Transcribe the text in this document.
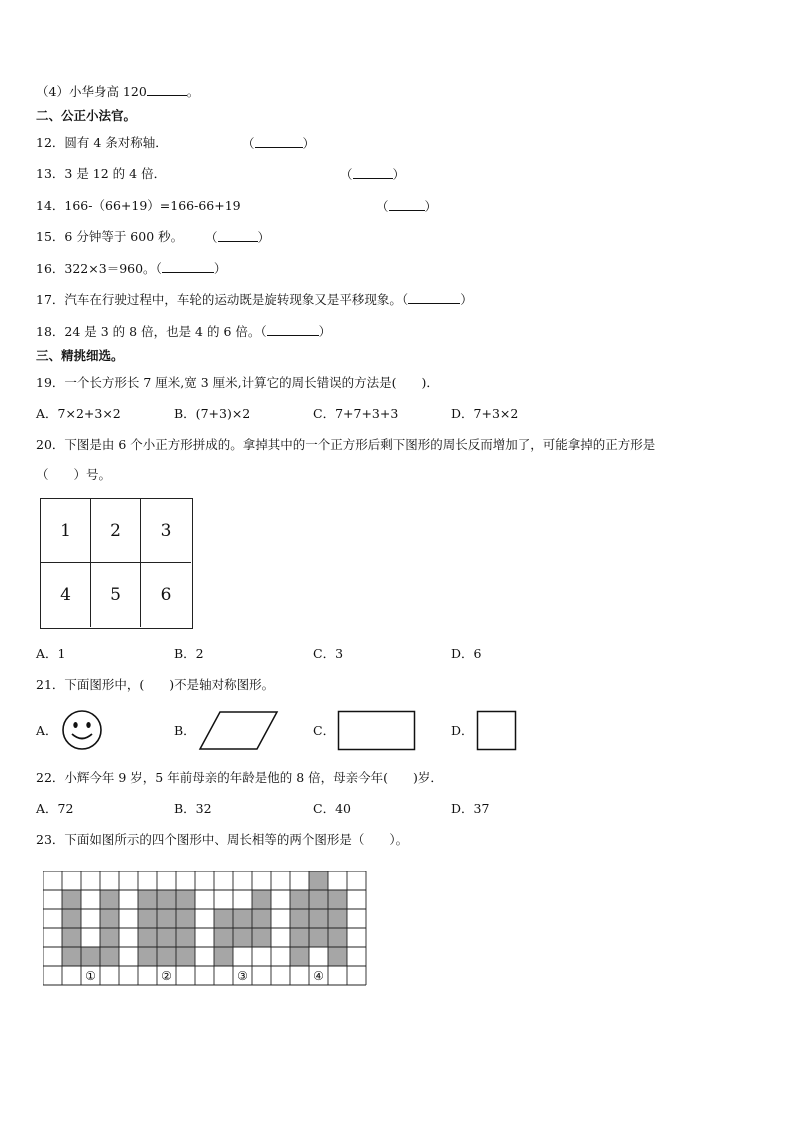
（4）小华身高 120	。
二、公正小法官。
12．圆有 4 条对称轴．	（	）
13．3 是 12 的 4 倍．	（	）
14．166-（66+19）=166-66+19	（	）
15．6 分钟等于 600 秒。 （	）
16．322×3＝960。（	）
17．汽车在行驶过程中，车轮的运动既是旋转现象又是平移现象。（	）
18．24 是 3 的 8 倍，也是 4 的 6 倍。（	）
三、精挑细选。
19．一个长方形长 7 厘米,宽 3 厘米,计算它的周长错误的方法是(　　)．
A．7×2+3×2	B．(7+3)×2	C．7+7+3+3	D．7+3×2
20．下图是由 6 个小正方形拼成的。拿掉其中的一个正方形后剩下图形的周长反而增加了，可能拿掉的正方形是
（　　）号。
1	2	3
4	5	6
A．1	B．2	C．3	D．6
21．下面图形中，(　　)不是轴对称图形。
A．	B．	C．	D．
22．小辉今年 9 岁，5 年前母亲的年龄是他的 8 倍，母亲今年(　　)岁．
A．72	B．32	C．40	D．37
23．下面如图所示的四个图形中、周长相等的两个图形是（　　）。
①	②	③	④
